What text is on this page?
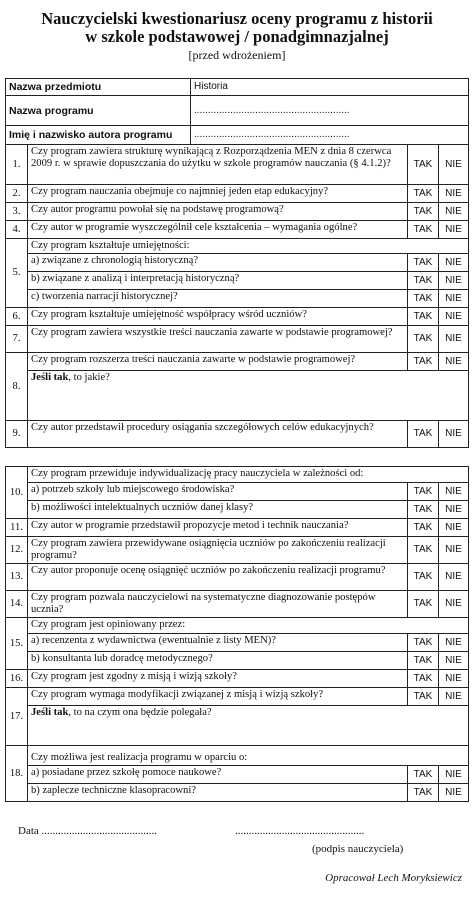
Nauczycielski kwestionariusz oceny programu z historii
w szkole podstawowej / ponadgimnazjalnej
[przed wdrożeniem]
Nazwa przedmiotu		Historia		
Nazwa programu		........................................................		
Imię i nazwisko autora programu		........................................................		
1.	Czy program zawiera strukturę wynikającą z Rozporządzenia MEN z dnia 8 czerwca 2009 r. w sprawie dopuszczania do użytku w szkole programów nauczania (§ 4.1.2)?		TAK	NIE
2.	Czy program nauczania obejmuje co najmniej jeden etap edukacyjny?		TAK	NIE
3.	Czy autor programu powołał się na podstawę programową?		TAK	NIE
4.	Czy autor w programie wyszczególnił cele kształcenia – wymagania ogólne?		TAK	NIE
5.	Czy program kształtuje umiejętności:			
	a) związane z chronologią historyczną?		TAK	NIE
	b) związane z analizą i interpretacją historyczną?		TAK	NIE
	c) tworzenia narracji historycznej?		TAK	NIE
6.	Czy program kształtuje umiejętność współpracy wśród uczniów?		TAK	NIE
7.	Czy program zawiera wszystkie treści nauczania zawarte w podstawie programowej?		TAK	NIE
8.	Czy program rozszerza treści nauczania zawarte w podstawie programowej?		TAK	NIE
	Jeśli tak, to jakie?			
9.	Czy autor przedstawił procedury osiągania szczegółowych celów edukacyjnych?		TAK	NIE
10.	Czy program przewiduje indywidualizację pracy nauczyciela w zależności od:		
	a) potrzeb szkoły lub miejscowego środowiska?	TAK	NIE
	b) możliwości intelektualnych uczniów danej klasy?	TAK	NIE
11.	Czy autor w programie przedstawił propozycje metod i technik nauczania?	TAK	NIE
12.	Czy program zawiera przewidywane osiągnięcia uczniów po zakończeniu realizacji programu?	TAK	NIE
13.	Czy autor proponuje ocenę osiągnięć uczniów po zakończeniu realizacji programu?	TAK	NIE
14.	Czy program pozwala nauczycielowi na systematyczne diagnozowanie postępów ucznia?	TAK	NIE
15.	Czy program jest opiniowany przez:		
	a) recenzenta z wydawnictwa (ewentualnie z listy MEN)?	TAK	NIE
	b) konsultanta lub doradcę metodycznego?	TAK	NIE
16.	Czy program jest zgodny z misją i wizją szkoły?	TAK	NIE
17.	Czy program wymaga modyfikacji związanej z misją i wizją szkoły?	TAK	NIE
	Jeśli tak, to na czym ona będzie polegała?		
18.	Czy możliwa jest realizacja programu w oparciu o:		
	a) posiadane przez szkołę pomoce naukowe?	TAK	NIE
	b) zaplecze techniczne klasopracowni?	TAK	NIE
Data ..........................................	...............................................
(podpis nauczyciela)
Opracował Lech Moryksiewicz
